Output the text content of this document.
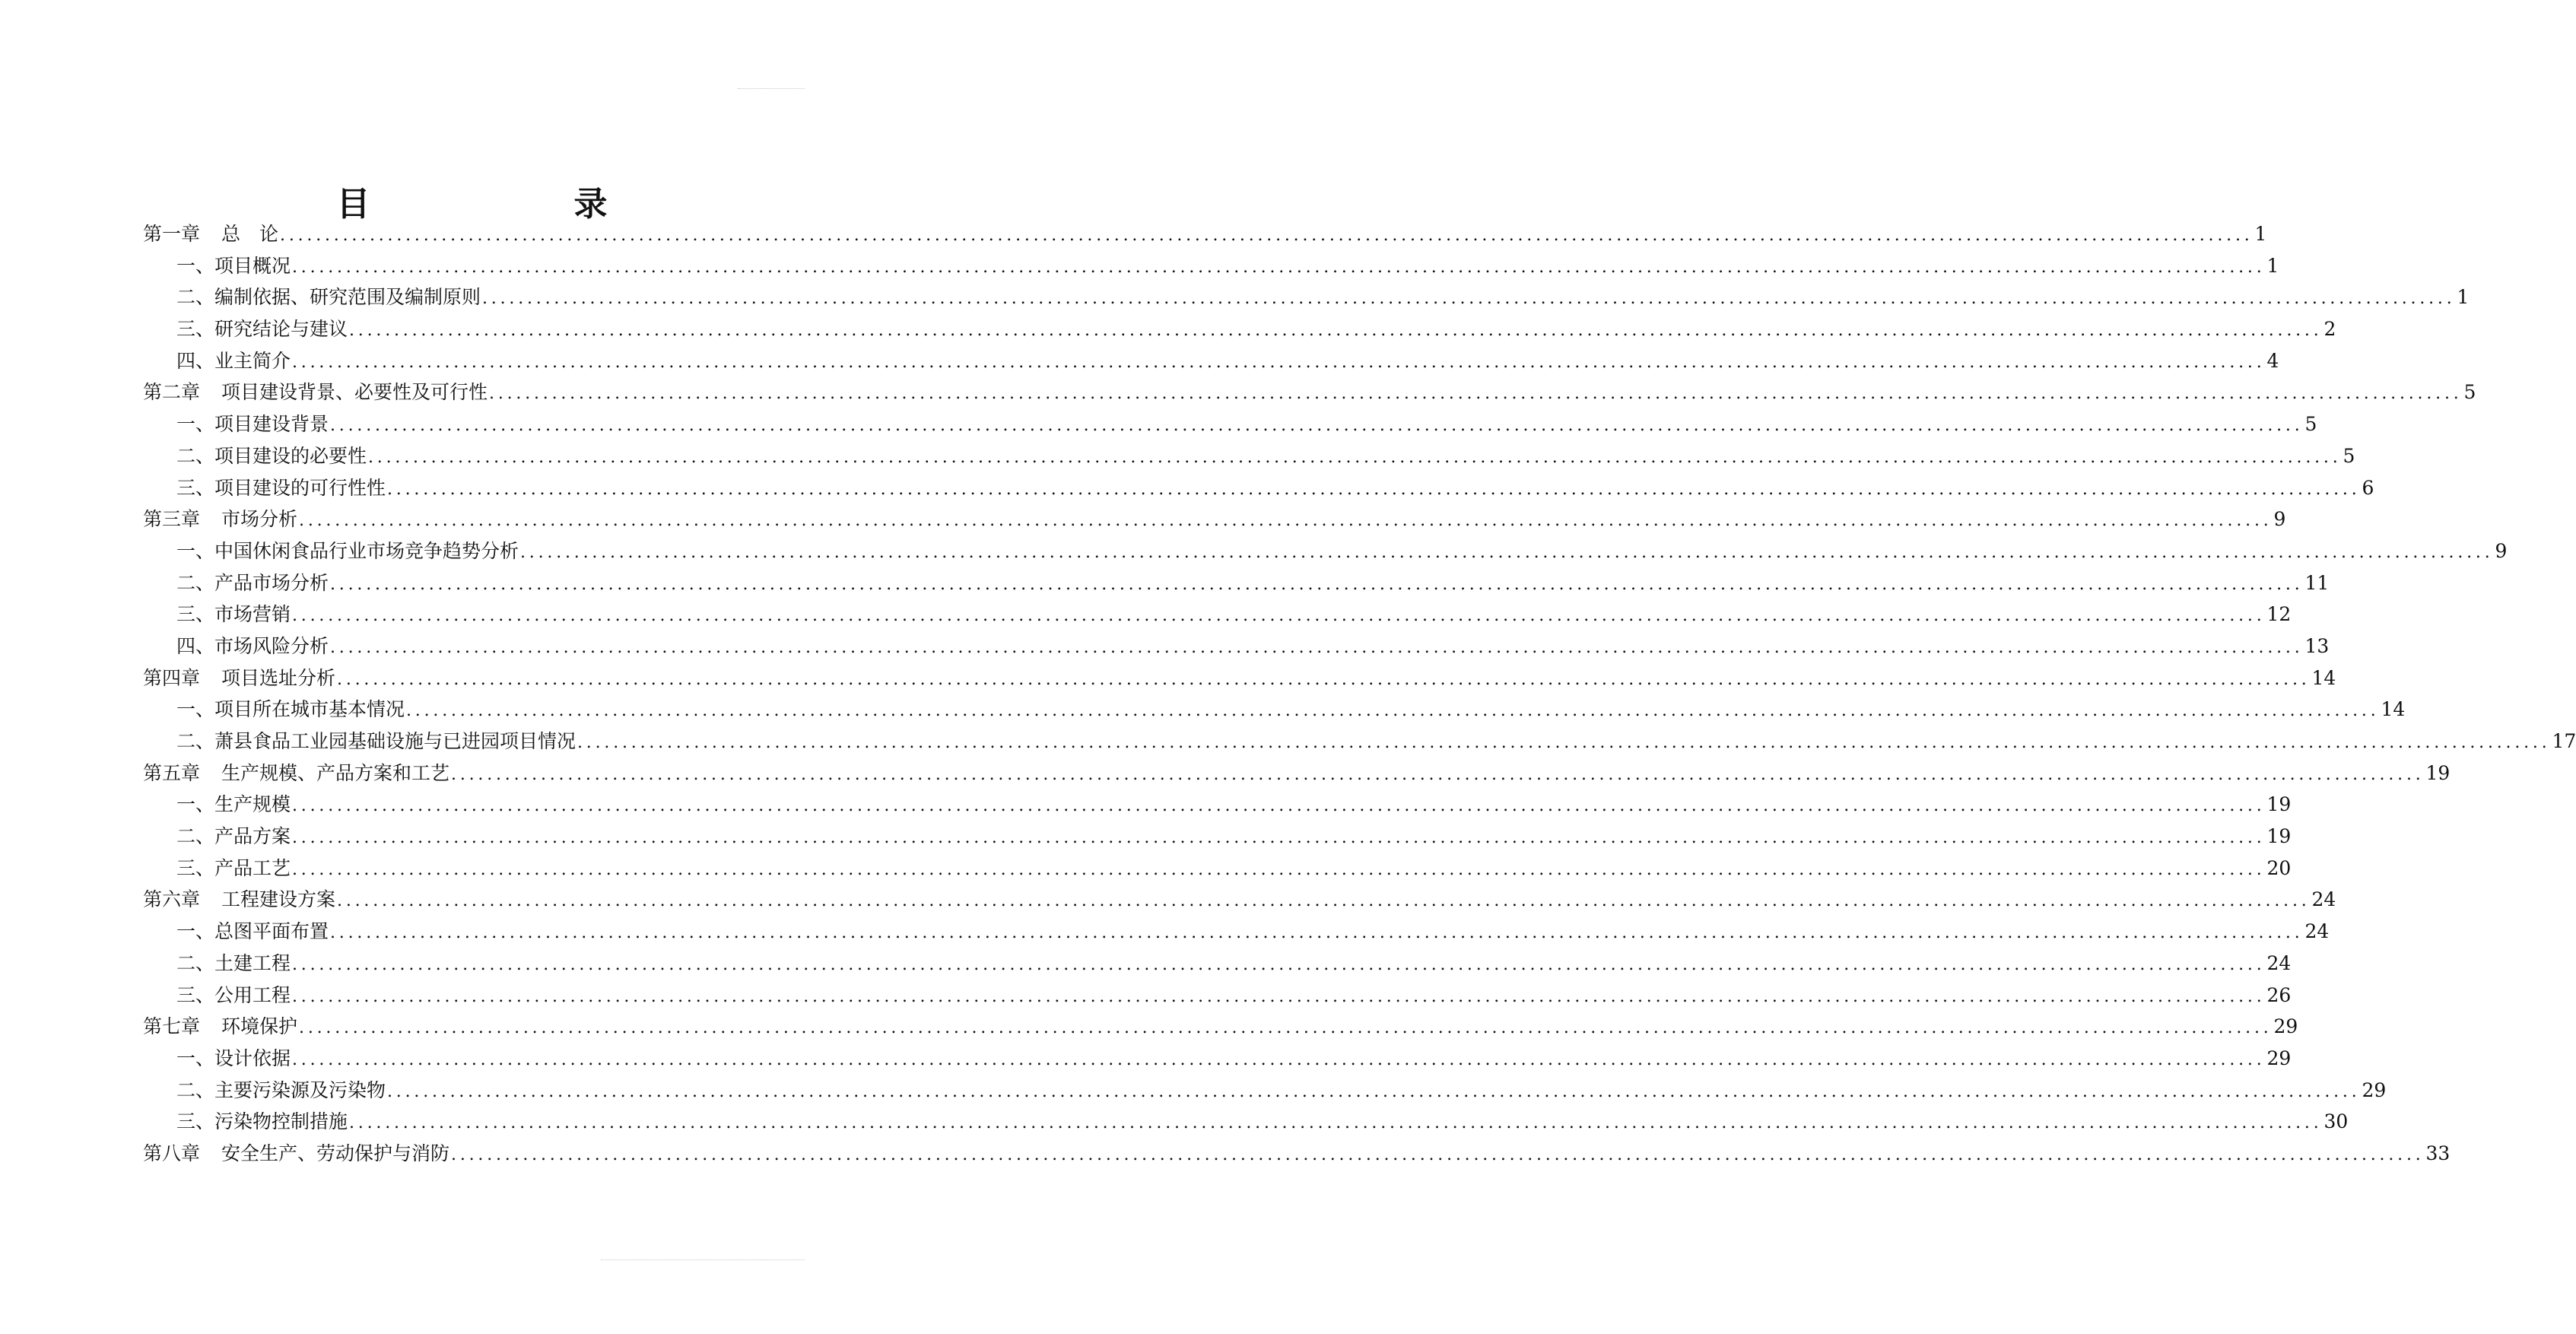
目　　录
第一章 总　论 ............................................................................................................................................................................................................................ 1
一、项目概况 ............................................................................................................................................................................................................................ 1
二、编制依据、研究范围及编制原则 ............................................................................................................................................................................................................................ 1
三、研究结论与建议 ............................................................................................................................................................................................................................ 2
四、业主简介 ............................................................................................................................................................................................................................ 4
第二章 项目建设背景、必要性及可行性 ............................................................................................................................................................................................................................ 5
一、项目建设背景 ............................................................................................................................................................................................................................ 5
二、项目建设的必要性 ............................................................................................................................................................................................................................ 5
三、项目建设的可行性性 ............................................................................................................................................................................................................................ 6
第三章 市场分析 ............................................................................................................................................................................................................................ 9
一、中国休闲食品行业市场竞争趋势分析 ............................................................................................................................................................................................................................ 9
二、产品市场分析 ............................................................................................................................................................................................................................ 11
三、市场营销 ............................................................................................................................................................................................................................ 12
四、市场风险分析 ............................................................................................................................................................................................................................ 13
第四章 项目选址分析 ............................................................................................................................................................................................................................ 14
一、项目所在城市基本情况 ............................................................................................................................................................................................................................ 14
二、萧县食品工业园基础设施与已进园项目情况 ............................................................................................................................................................................................................................ 17
第五章 生产规模、产品方案和工艺 ............................................................................................................................................................................................................................ 19
一、生产规模 ............................................................................................................................................................................................................................ 19
二、产品方案 ............................................................................................................................................................................................................................ 19
三、产品工艺 ............................................................................................................................................................................................................................ 20
第六章 工程建设方案 ............................................................................................................................................................................................................................ 24
一、总图平面布置 ............................................................................................................................................................................................................................ 24
二、土建工程 ............................................................................................................................................................................................................................ 24
三、公用工程 ............................................................................................................................................................................................................................ 26
第七章 环境保护 ............................................................................................................................................................................................................................ 29
一、设计依据 ............................................................................................................................................................................................................................ 29
二、主要污染源及污染物 ............................................................................................................................................................................................................................ 29
三、污染物控制措施 ............................................................................................................................................................................................................................ 30
第八章 安全生产、劳动保护与消防 ............................................................................................................................................................................................................................ 33
